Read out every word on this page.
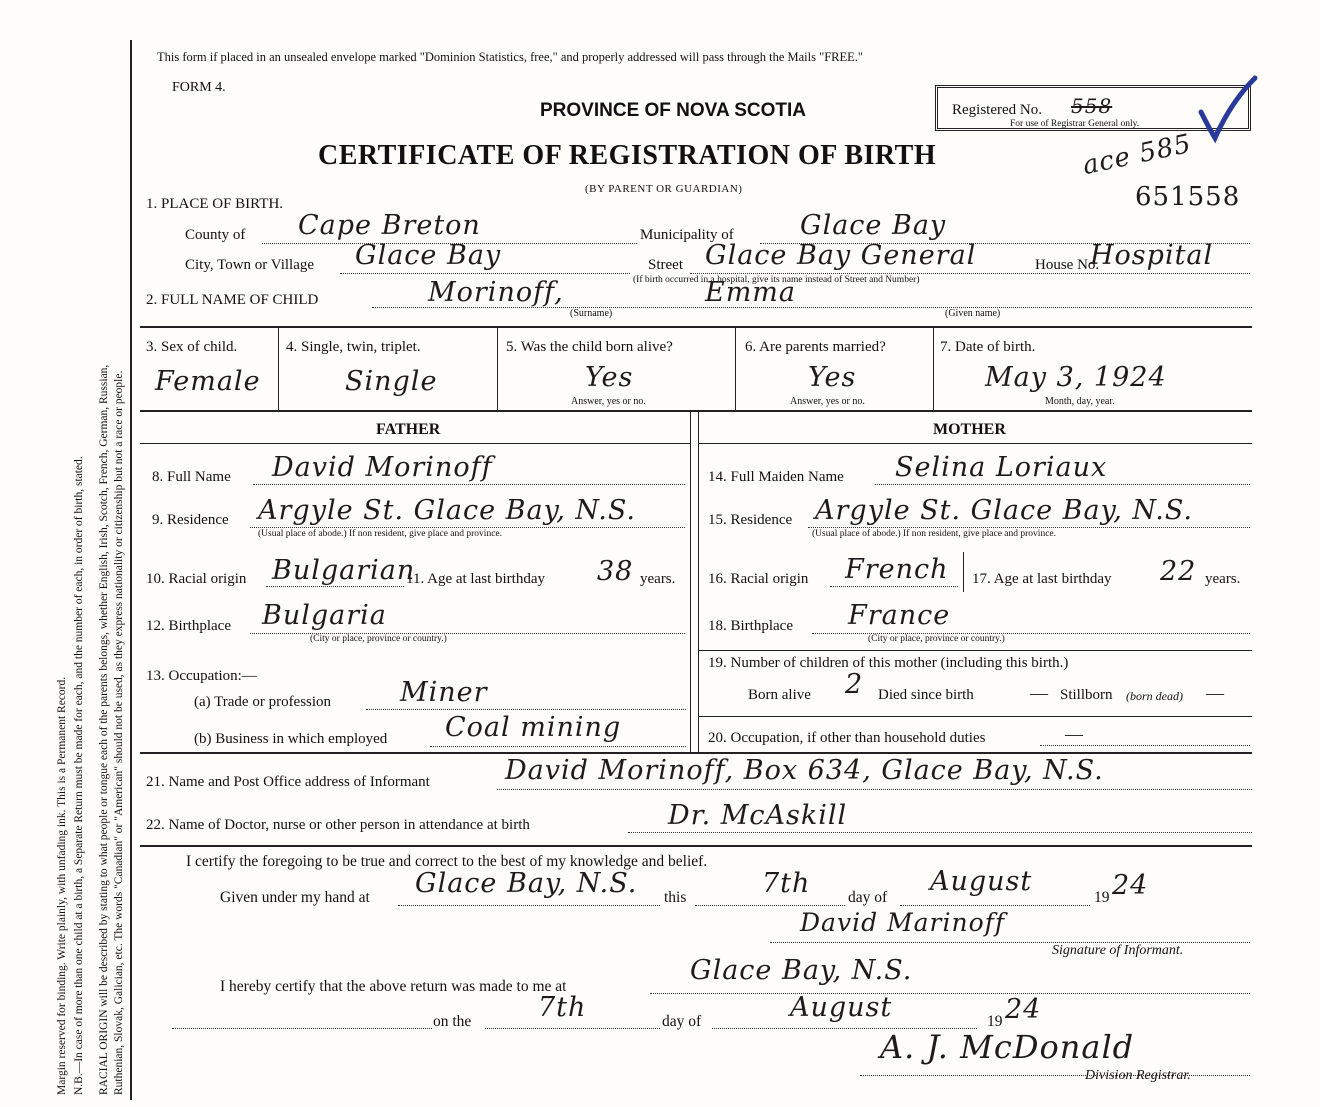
Margin reserved for binding. Write plainly, with unfading ink. This is a Permanent Record. N.B.—In case of more than one child at a birth, a Separate Return must be made for each, and the number of each, in order of birth, stated. RACIAL ORIGIN will be described by stating to what people or tongue each of the parents belongs, whether English, Irish, Scotch, French, German, Russian, Ruthenian, Slovak, Galician, etc. The words "Canadian" or "American" should not be used, as they express nationality or citizenship but not a race or people.
This form if placed in an unsealed envelope marked "Dominion Statistics, free," and properly addressed will pass through the Mails "FREE."
FORM 4.
PROVINCE OF NOVA SCOTIA
CERTIFICATE OF REGISTRATION OF BIRTH
(BY PARENT OR GUARDIAN)
Registered No. 558
For use of Registrar General only.
ace 585
651558
1. PLACE OF BIRTH.
County of Cape Breton	Municipality of Glace Bay
City, Town or Village Glace Bay	Street Glace Bay General	House No.
Hospital
(If birth occurred in a hospital, give its name instead of Street and Number)
2. FULL NAME OF CHILD	Morinoff,	Emma
(Surname)	(Given name)
3. Sex of child.
Female
4. Single, twin, triplet.
Single
5. Was the child born alive?
Yes
Answer, yes or no.
6. Are parents married?
Yes
Answer, yes or no.
7. Date of birth.
May 3, 1924
Month, day, year.
FATHER	MOTHER
8. Full Name David Morinoff
9. Residence Argyle St. Glace Bay, N.S.
(Usual place of abode.) If non resident, give place and province.
10. Racial origin Bulgarian
11. Age at last birthday 38 years.
12. Birthplace Bulgaria
(City or place, province or country.)
13. Occupation:—
(a) Trade or profession	Miner
(b) Business in which employed Coal mining
14. Full Maiden Name Selina Loriaux
15. Residence Argyle St. Glace Bay, N.S.
(Usual place of abode.) If non resident, give place and province.
16. Racial origin French 17. Age at last birthday 22 years.
18. Birthplace France
(City or place, province or country.)
19. Number of children of this mother (including this birth.)
Born alive 2 Died since birth	— Stillborn (born dead) —
20. Occupation, if other than household duties	—
21. Name and Post Office address of Informant	David Morinoff, Box 634, Glace Bay, N.S.
22. Name of Doctor, nurse or other person in attendance at birth	Dr. McAskill
I certify the foregoing to be true and correct to the best of my knowledge and belief.
Given under my hand at Glace Bay, N.S. this	7th day of
August
19 24
David Marinoff
Signature of Informant.
I hereby certify that the above return was made to me at
Glace Bay, N.S.
on the 7th	day of	August	19 24
A. J. McDonald
Division Registrar.
